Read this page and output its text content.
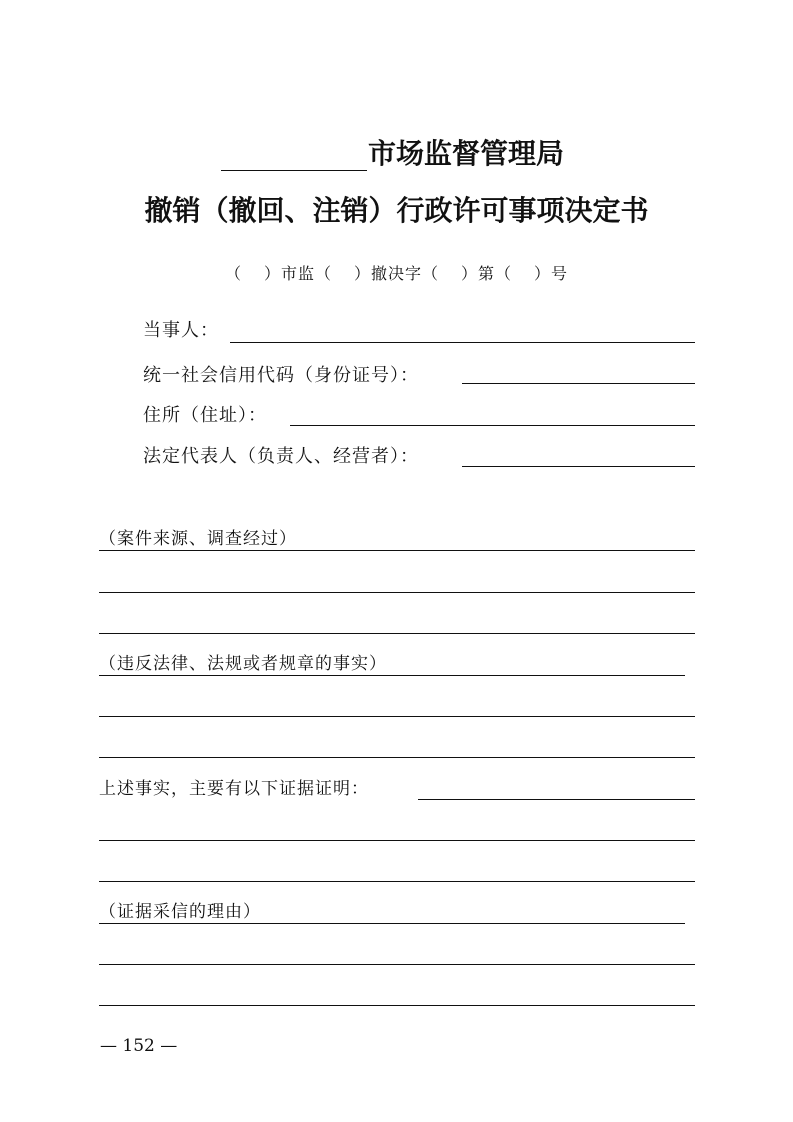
市场监督管理局
撤销（撤回、注销）行政许可事项决定书
（ ）市监（ ）撤决字（ ）第（ ）号
当事人：
统一社会信用代码（身份证号）：
住所（住址）：
法定代表人（负责人、经营者）：
（案件来源、调查经过）
（违反法律、法规或者规章的事实）
上述事实，主要有以下证据证明：
（证据采信的理由）
— 152 —
